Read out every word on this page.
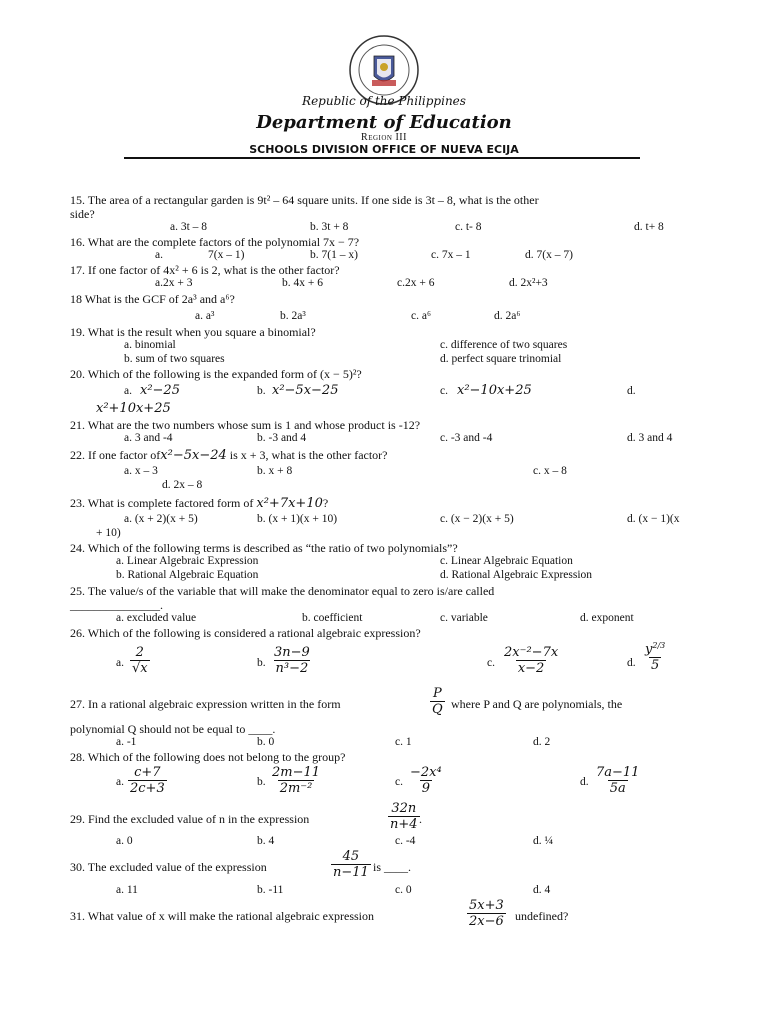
Republic of the Philippines
Department of Education
Region III
SCHOOLS DIVISION OFFICE OF NUEVA ECIJA
15. The area of a rectangular garden is 9t² – 64 square units. If one side is 3t – 8, what is the other
side?
a. 3t – 8	b. 3t + 8	c. t- 8	d. t+ 8
16. What are the complete factors of the polynomial 7x − 7?
a.	7(x – 1)	b. 7(1 – x)	c. 7x – 1	d. 7(x – 7)
17. If one factor of 4x² + 6 is 2, what is the other factor?
a.2x + 3	b. 4x + 6	c.2x + 6	d. 2x²+3
18 What is the GCF of 2a³ and a⁶?
a. a³	b. 2a³	c. a⁶	d. 2a⁶
19. What is the result when you square a binomial?
a. binomial	c. difference of two squares
b. sum of two squares	d. perfect square trinomial
20. Which of the following is the expanded form of (x − 5)²?
a. x²−25	b. x²−5x−25	c. x²−10x+25	d.
x²+10x+25
21. What are the two numbers whose sum is 1 and whose product is -12?
a. 3 and -4	b. -3 and 4	c. -3 and -4	d. 3 and 4
22. If one factor ofx²−5x−24 is x + 3, what is the other factor?
a. x – 3	b. x + 8	c. x – 8
d. 2x – 8
23. What is complete factored form of x²+7x+10?
a. (x + 2)(x + 5)	b. (x + 1)(x + 10)	c. (x − 2)(x + 5)	d. (x − 1)(x
+ 10)
24. Which of the following terms is described as “the ratio of two polynomials”?
a. Linear Algebraic Expression	c. Linear Algebraic Equation
b. Rational Algebraic Equation	d. Rational Algebraic Expression
25. The value/s of the variable that will make the denominator equal to zero is/are called
_______________.
a. excluded value	b. coefficient	c. variable	d. exponent
26. Which of the following is considered a rational algebraic expression?
a. $\frac{2}{√x}$	b. $\frac{3n-9}{\text{n³−2}}$	c. $\frac{\text{2x⁻²−7x}}{x-2}$	d. $\frac{y^{2/3}}{5}$
27. In a rational algebraic expression written in the form	$\frac{P}{Q}$ where P and Q are polynomials, the
polynomial Q should not be equal to ____.
a. -1	b. 0	c. 1	d. 2
28. Which of the following does not belong to the group?
a. $\frac{c+7}{2c+3}$	b. $\frac{2m-11}{\text{2m⁻²}}$	c. $\frac{\text{−2x⁴}}{9}$	d. $\frac{7a-11}{5a}$
29. Find the excluded value of n in the expression	$\frac{32n}{n+4}$ .
a. 0	b. 4	c. -4	d. ¼
30. The excluded value of the expression	$\frac{45}{n-11}$ is ____.
a. 11	b. -11	c. 0	d. 4
31. What value of x will make the rational algebraic expression	$\frac{5x+3}{2x-6}$ undefined?
